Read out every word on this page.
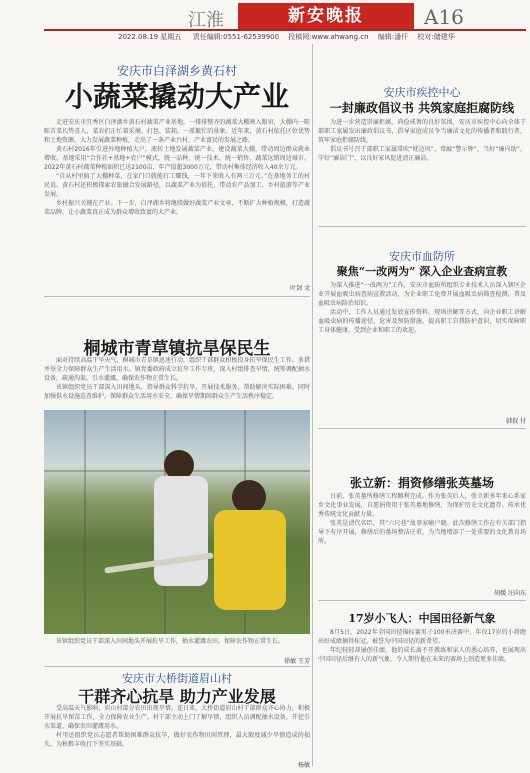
江淮	新安晚报	A16
2022.08.19 星期五 　 责任编辑:0551-62539900　 投稿网:www.ahwang.cn　 编辑:潘仟　 校对:储建华
安庆市白泽湖乡黄石村
小蔬菜撬动大产业

走进安庆市宜秀区白泽湖乡黄石村蔬菜产业基地，一排排整齐的蔬菜大棚映入眼帘，大棚内一畦畦青菜长势喜人，菜农们正忙着采摘、打包、装箱，一派繁忙的景象。近年来，黄石村依托区位优势和土地资源，大力发展蔬菜种植，走出了一条产业兴村、产业富民的发展之路。

黄石村2016年引进外地种植大户，流转土地发展蔬菜产业，建设蔬菜大棚，带动周边群众就业增收。基地采用“合作社+基地+农户”模式，统一品种、统一技术、统一销售，蔬菜远销周边城市。2022年黄石村蔬菜种植面积已达2100亩，年产值超3000万元，带动村集体经济收入40余万元。

“自从村里搞了大棚种菜，在家门口就能打工赚钱，一年下来收入有两三万元。”在基地务工的村民说。黄石村还积极探索农旅融合发展路径，以蔬菜产业为依托，带动农产品加工、乡村旅游等产业发展。

乡村振兴关键在产业。下一步，白泽湖乡将继续做好蔬菜产业文章，不断扩大种植规模，打造蔬菜品牌，让小蔬菜真正成为群众增收致富的大产业。

叶剑 文
桐城市青草镇抗旱保民生

面对持续高温干旱天气，桐城市青草镇迅速行动，组织干部群众积极投身抗旱保民生工作，多措并举全力保障群众生产生活用水。镇党委政府成立抗旱工作专班，深入村组排查旱情，统筹调配抽水设备，疏通沟渠，引水灌溉，确保农作物正常生长。

该镇组织党员干部深入田间地头，指导群众科学抗旱，开展技术服务，帮助解决实际困难。同时加强供水设施巡查维护，保障群众生活用水安全，确保旱情期间群众生产生活秩序稳定。

该镇组织党员干部深入田间地头开展抗旱工作，抽水灌溉农田，保障农作物正常生长。
徐敏 王芳
安庆市大桥街道眉山村
干群齐心抗旱 助力产业发展

受高温天气影响，眉山村部分农田出现旱情。连日来，大桥街道眉山村干部群众齐心协力，积极开展抗旱保苗工作，全力保障农业生产。村干部主动上门了解旱情，组织人员调配抽水设备，开挖引水渠道，确保农田灌溉用水。

村里还组织党员志愿者帮助困难群众抗旱，做好农作物田间管理，最大限度减少旱情造成的损失，为秋粮丰收打下坚实基础。

杨敏
安庆市疾控中心
一封廉政倡议书 共筑家庭拒腐防线

为进一步营造崇廉拒腐、尚俭戒奢的良好氛围，安庆市疾控中心向全体干部职工家属发出廉政倡议书，倡导家庭成员争当廉洁文化的传播者和践行者，筑牢家庭拒腐防线。

倡议书号召干部职工家属常吹“枕边风”、常敲“警示钟”，当好“廉内助”，守好“廉洁门”，以良好家风促进清正廉洁。

安庆市血防所
聚焦“一改两为” 深入企业查病宣教

为深入推进“一改两为”工作，安庆市血防所组织专业技术人员深入辖区企业开展血吸虫病查病宣教活动，为企业职工免费开展血吸虫病筛查检测，普及血吸虫病防治知识。

活动中，工作人员通过发放宣传资料、现场讲解等方式，向企业职工讲解血吸虫病的传播途径、危害及预防措施，提高职工自我防护意识，切实保障职工身体健康，受到企业和职工的欢迎。

韩叙 付
张立新：捐资修缮张英墓场

日前，张英墓所修缮工程顺利完成。作为张英后人，张立新多年来心系家乡文化事业发展，自愿捐资用于张英墓地修缮，为保护历史文化遗存、传承优秀传统文化贡献力量。

张英是清代名臣，其“六尺巷”故事家喻户晓。此次修缮工作在有关部门指导下有序开展，修缮后的墓场整洁庄重，为当地增添了一处重要的文化教育场所。

胡媛 汪向东
17岁小飞人：中国田径新气象

8月5日，2022年全国田径锦标赛男子100米决赛中，年仅17岁的小将跑出好成绩摘得桂冠，被誉为中国田径的新希望。

年纪轻轻却屡创佳绩，他的成长离不开教练和家人的悉心培养，也展现出中国田径后继有人的新气象，令人期待他在未来的赛场上创造更多佳绩。
